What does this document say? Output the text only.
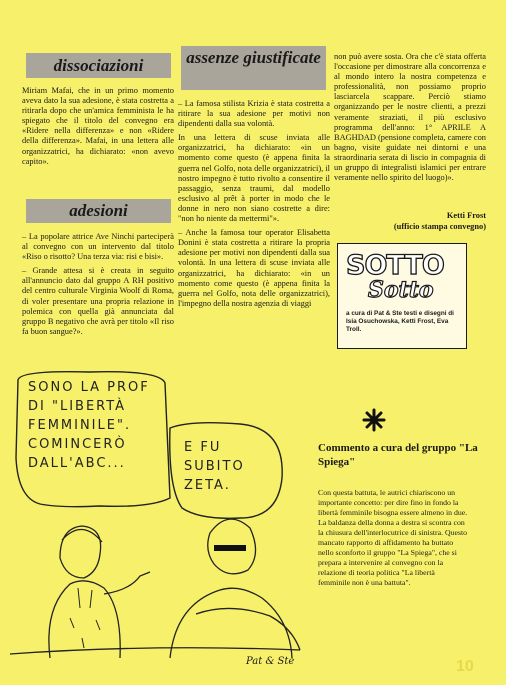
dissociazioni

Miriam Mafai, che in un primo momento aveva dato la sua adesione, è stata costretta a ritirarla dopo che un'amica femminista le ha spiegato che il titolo del convegno era «Ridere nella differenza» e non «Ridere della differenza». Mafai, in una lettera alle organizzatrici, ha dichiarato: «non avevo capito».

adesioni

– La popolare attrice Ave Ninchi parteciperà al convegno con un intervento dal titolo «Riso o risotto? Una terza via: risi e bisi».

– Grande attesa si è creata in seguito all'annuncio dato dal gruppo A RH positivo del centro culturale Virginia Woolf di Roma, di voler presentare una propria relazione in polemica con quella già annunciata dal gruppo B negativo che avrà per titolo «Il riso fa buon sangue?».

assenze giustificate

– La famosa stilista Krizia è stata costretta a ritirare la sua adesione per motivi non dipendenti dalla sua volontà.

In una lettera di scuse inviata alle organizzatrici, ha dichiarato: «in un momento come questo (è appena finita la guerra nel Golfo, nota delle organizzatrici), il nostro impegno è tutto rivolto a consentire il passaggio, senza traumi, dal modello esclusivo al prêt à porter in modo che le donne in nero non siano costrette a dire: "non ho niente da mettermi"».

– Anche la famosa tour operator Elisabetta Donini è stata costretta a ritirare la propria adesione per motivi non dipendenti dalla sua volontà. In una lettera di scuse inviata alle organizzatrici, ha dichiarato: «in un momento come questo (è appena finita la guerra nel Golfo, nota delle organizzatrici), l'impegno della nostra agenzia di viaggi

non può avere sosta. Ora che c'è stata offerta l'occasione per dimostrare alla concorrenza e al mondo intero la nostra competenza e professionalità, non possiamo proprio lasciarcela scappare. Perciò stiamo organizzando per le nostre clienti, a prezzi veramente straziati, il più esclusivo programma dell'anno: 1° APRILE A BAGHDAD (pensione completa, camere con bagno, visite guidate nei dintorni e una straordinaria serata di liscio in compagnia di un gruppo di integralisti islamici per entrare veramente nello spirito del luogo)».

Ketti Frost
(ufficio stampa convegno)
SOTTO
Sotto
a cura di Pat & Ste testi e disegni di Isia Osuchowska, Ketti Frost, Eva Troll.
SONO LA PROF DI "LIBERTÀ FEMMINILE". COMINCERÒ DALL'ABC...
E FU SUBITO ZETA.
Pat & Ste
Commento a cura del gruppo "La Spiega"
Con questa battuta, le autrici chiariscono un importante concetto: per dire fino in fondo la libertà femminile bisogna essere almeno in due. La baldanza della donna a destra si scontra con la chiusura dell'interlocutrice di sinistra. Questo mancato rapporto di affidamento ha buttato nello sconforto il gruppo "La Spiega", che si prepara a intervenire al convegno con la relazione di teoria politica "La libertà femminile non è una battuta".
10
